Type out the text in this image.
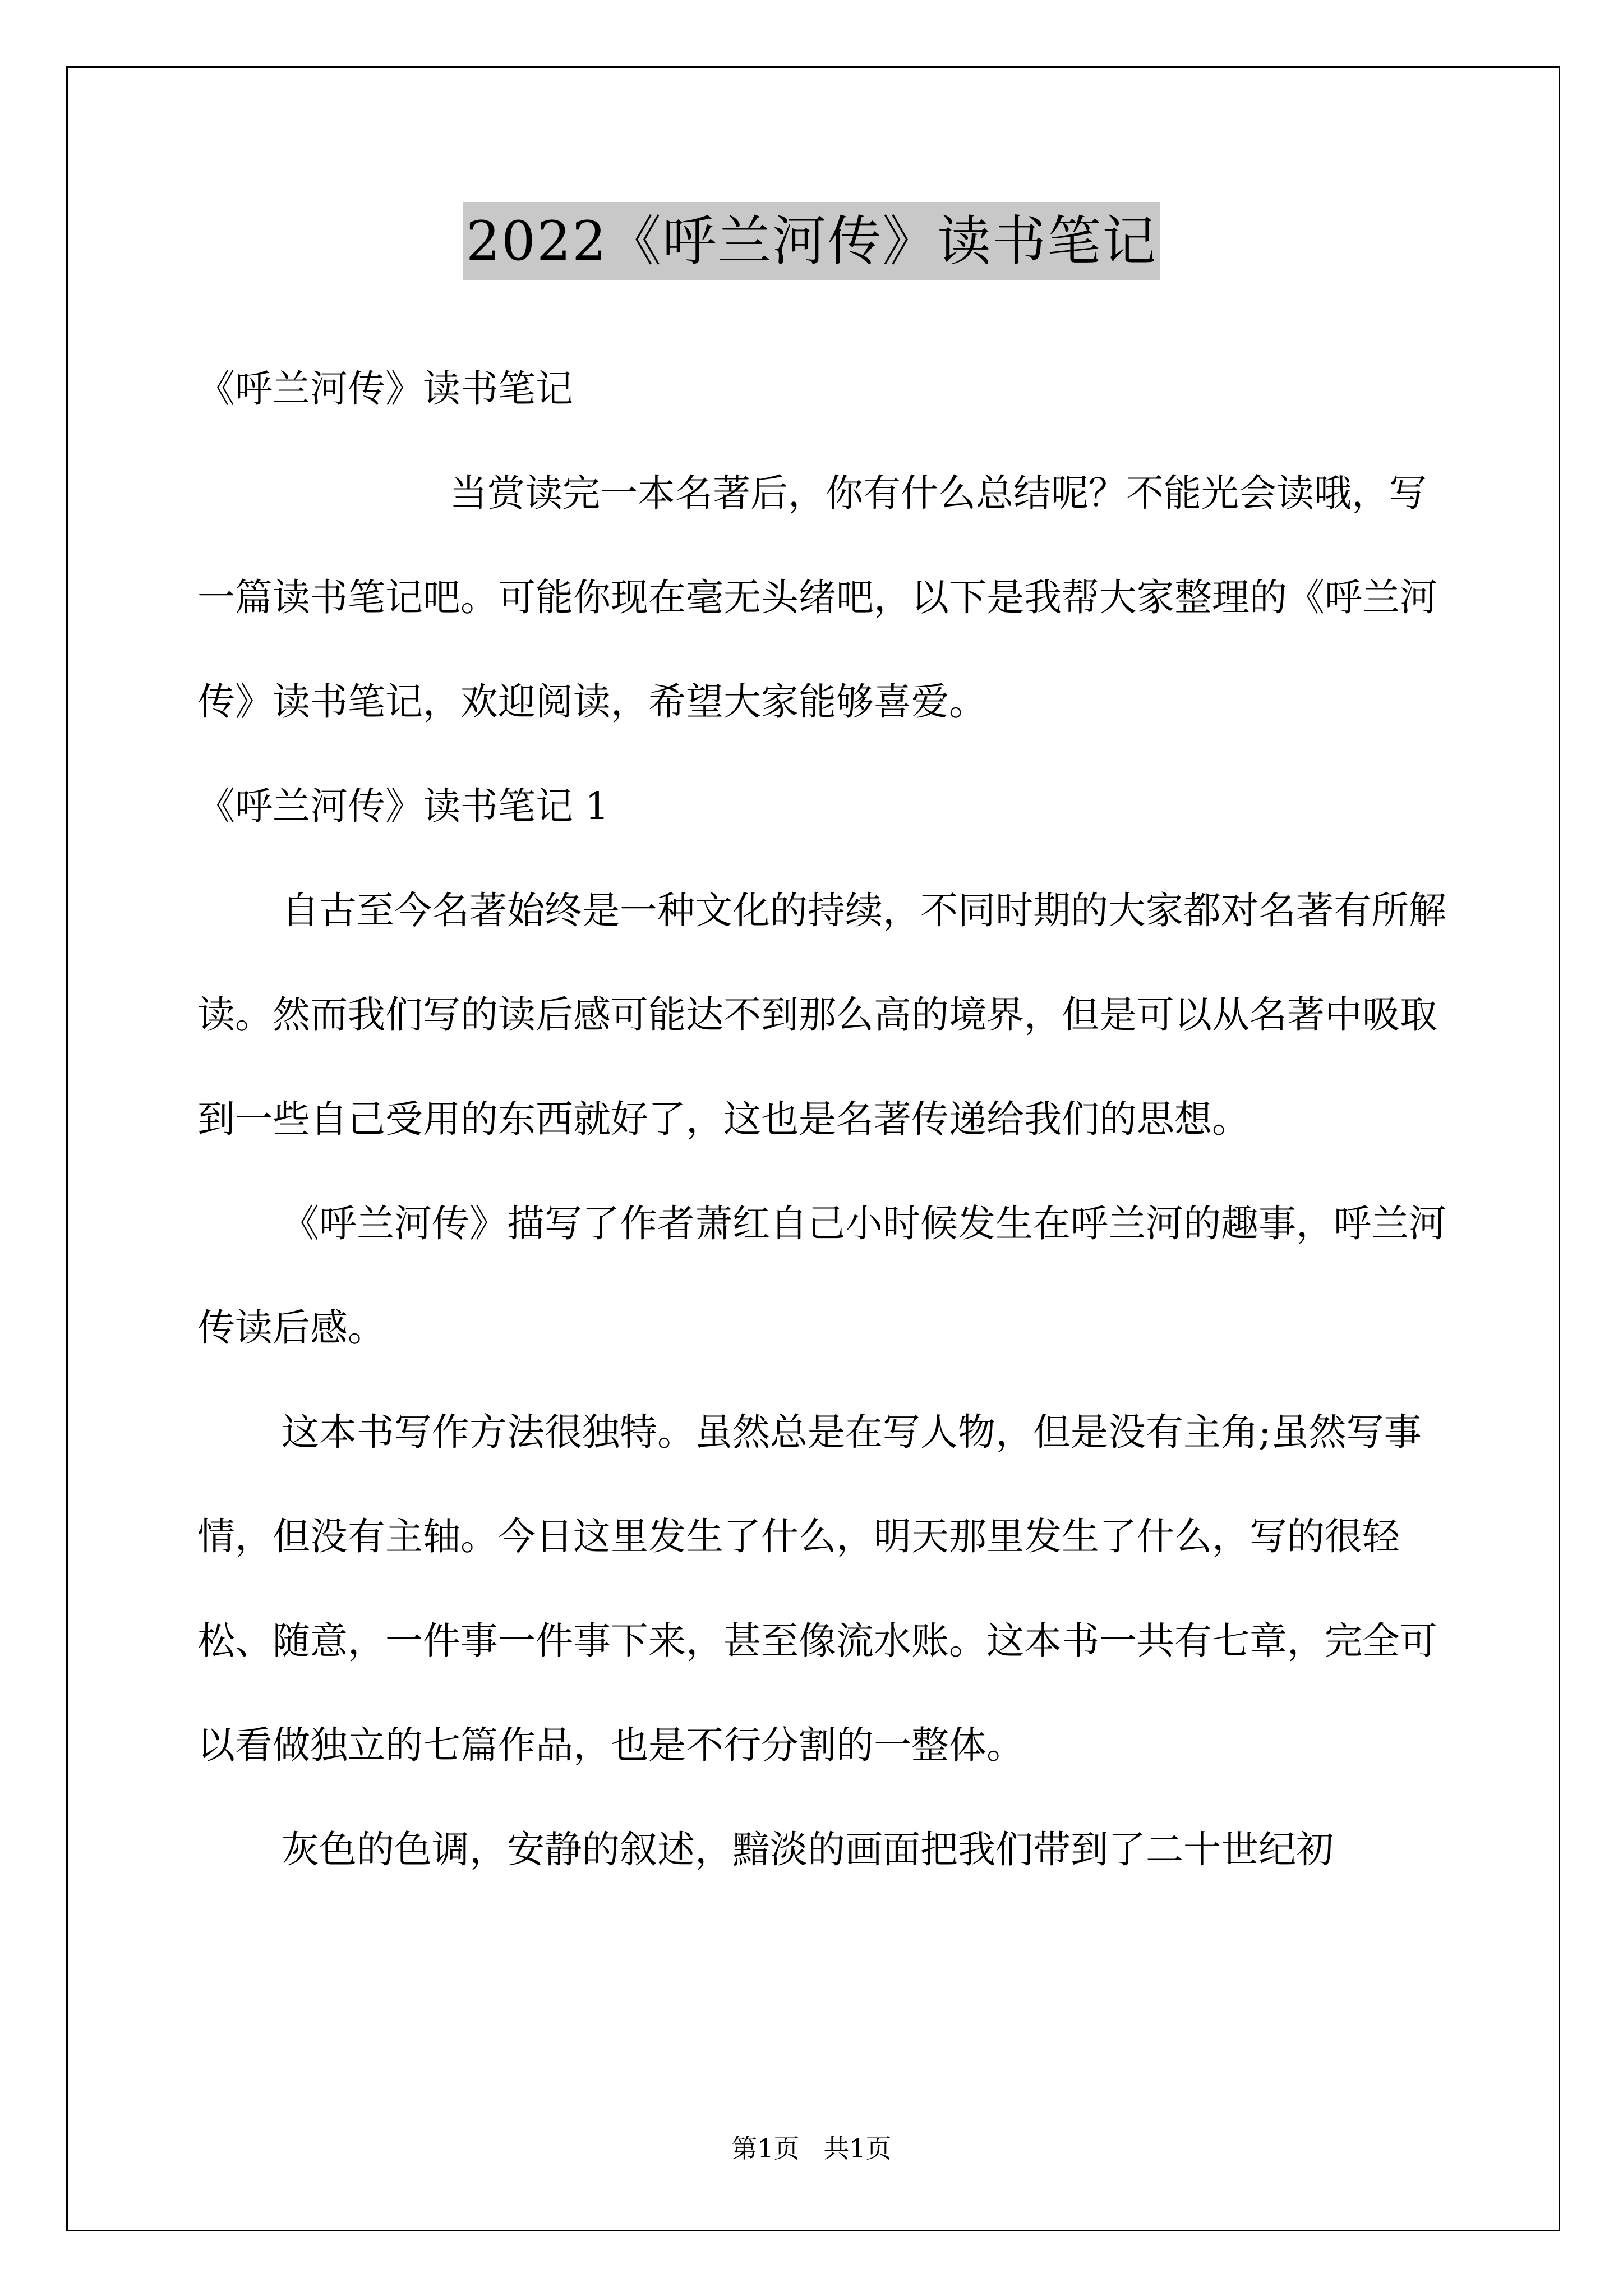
2022《呼兰河传》读书笔记

《呼兰河传》读书笔记

当赏读完一本名著后，你有什么总结呢？不能光会读哦，写一篇读书笔记吧。可能你现在毫无头绪吧，以下是我帮大家整理的《呼兰河传》读书笔记，欢迎阅读，希望大家能够喜爱。

《呼兰河传》读书笔记 1

自古至今名著始终是一种文化的持续，不同时期的大家都对名著有所解读。然而我们写的读后感可能达不到那么高的境界，但是可以从名著中吸取到一些自己受用的东西就好了，这也是名著传递给我们的思想。

《呼兰河传》描写了作者萧红自己小时候发生在呼兰河的趣事，呼兰河传读后感。

这本书写作方法很独特。虽然总是在写人物，但是没有主角;虽然写事情，但没有主轴。今日这里发生了什么，明天那里发生了什么，写的很轻松、随意，一件事一件事下来，甚至像流水账。这本书一共有七章，完全可以看做独立的七篇作品，也是不行分割的一整体。

灰色的色调，安静的叙述，黯淡的画面把我们带到了二十世纪初

第1页 共1页
